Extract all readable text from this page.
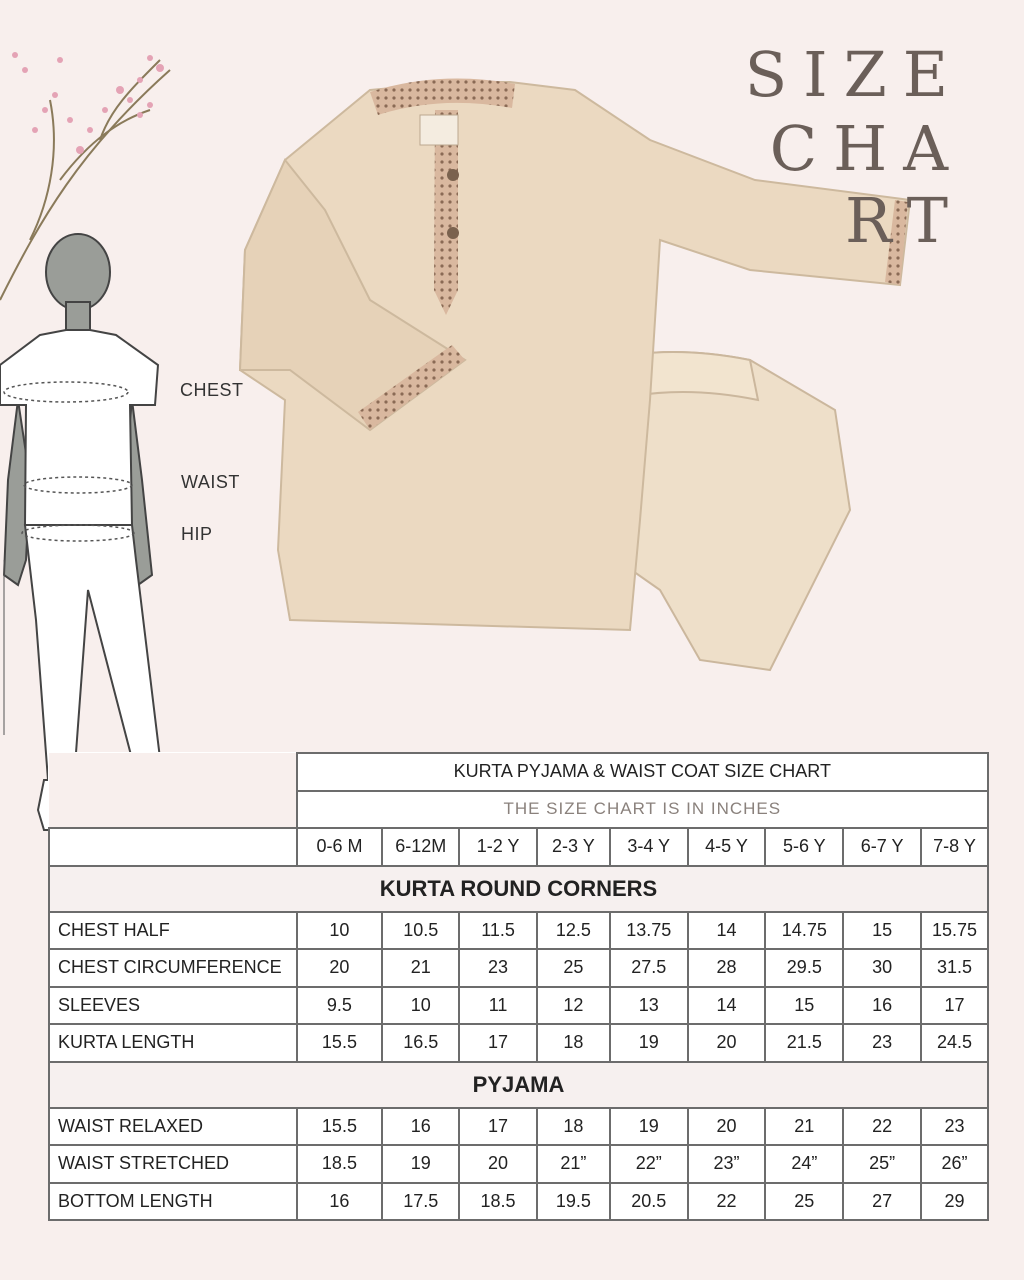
CHEST
WAIST
HIP
SIZE
CHA
RT
	KURTA PYJAMA & WAIST COAT SIZE CHART								
	THE SIZE CHART IS IN INCHES								
	0-6 M	6-12M	1-2 Y	2-3 Y	3-4 Y	4-5 Y	5-6 Y	6-7 Y	7-8 Y
KURTA ROUND CORNERS									
CHEST HALF	10	10.5	11.5	12.5	13.75	14	14.75	15	15.75
CHEST CIRCUMFERENCE	20	21	23	25	27.5	28	29.5	30	31.5
SLEEVES	9.5	10	11	12	13	14	15	16	17
KURTA LENGTH	15.5	16.5	17	18	19	20	21.5	23	24.5
PYJAMA									
WAIST RELAXED	15.5	16	17	18	19	20	21	22	23
WAIST STRETCHED	18.5	19	20	21”	22”	23”	24”	25”	26”
BOTTOM LENGTH	16	17.5	18.5	19.5	20.5	22	25	27	29
